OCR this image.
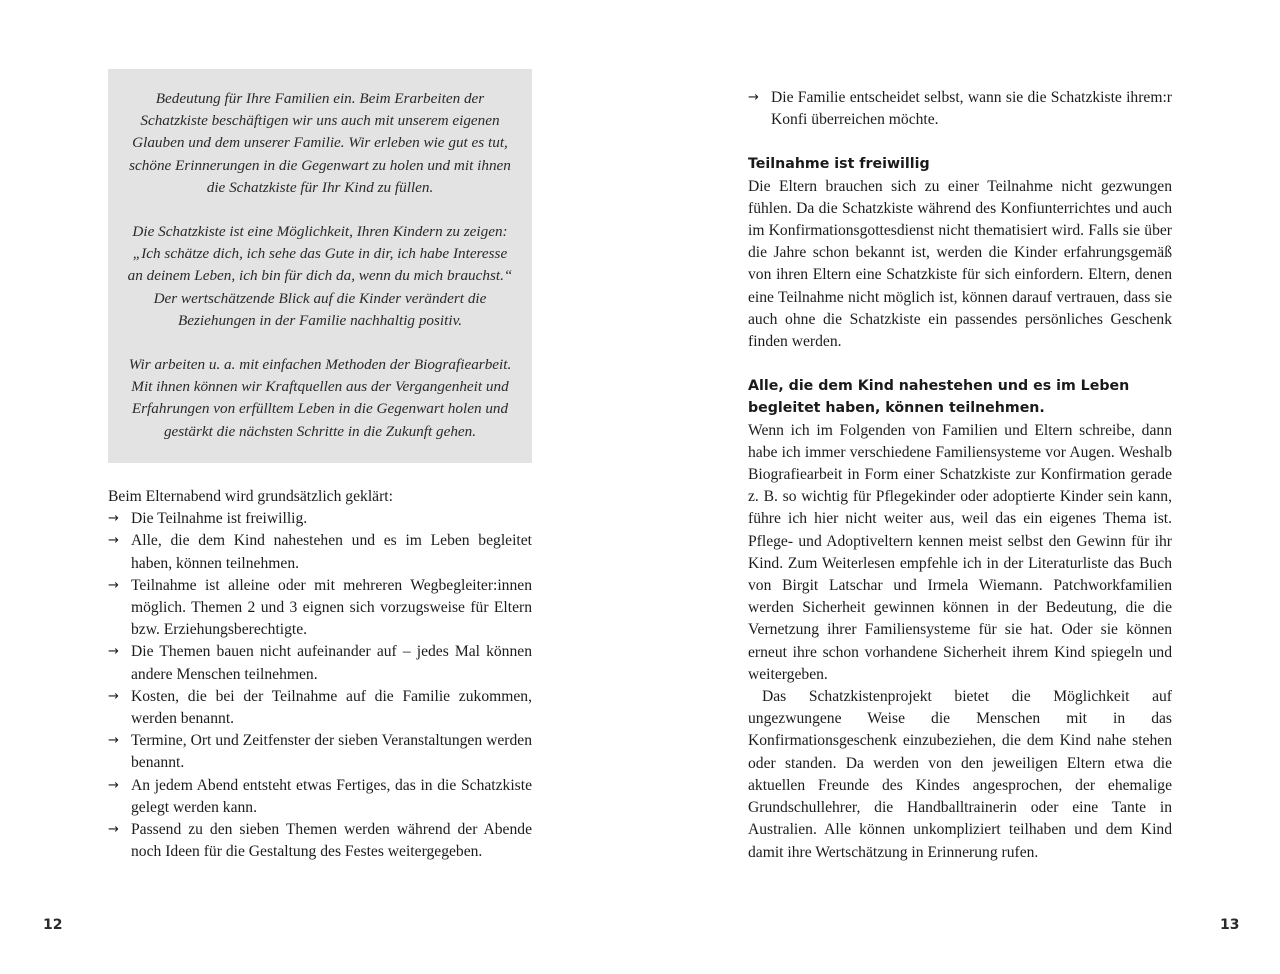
Bedeutung für Ihre Familien ein. Beim Erarbeiten der Schatzkiste beschäftigen wir uns auch mit unserem eigenen Glauben und dem unserer Familie. Wir erleben wie gut es tut, schöne Erinnerungen in die Gegenwart zu holen und mit ihnen die Schatzkiste für Ihr Kind zu füllen.

Die Schatzkiste ist eine Möglichkeit, Ihren Kindern zu zeigen: „Ich schätze dich, ich sehe das Gute in dir, ich habe Interesse an deinem Leben, ich bin für dich da, wenn du mich brauchst.“ Der wertschätzende Blick auf die Kinder verändert die Beziehungen in der Familie nachhaltig positiv.

Wir arbeiten u. a. mit einfachen Methoden der Biografiearbeit. Mit ihnen können wir Kraftquellen aus der Vergangenheit und Erfahrungen von erfülltem Leben in die Gegenwart holen und gestärkt die nächsten Schritte in die Zukunft gehen.

Beim Elternabend wird grundsätzlich geklärt:

→ Die Teilnahme ist freiwillig.
→ Alle, die dem Kind nahestehen und es im Leben begleitet haben, können teilnehmen.
→ Teilnahme ist alleine oder mit mehreren Wegbegleiter:innen möglich. Themen 2 und 3 eignen sich vorzugsweise für Eltern bzw. Erziehungsberechtigte.
→ Die Themen bauen nicht aufeinander auf – jedes Mal können andere Menschen teilnehmen.
→ Kosten, die bei der Teilnahme auf die Familie zukommen, werden benannt.
→ Termine, Ort und Zeitfenster der sieben Veranstaltungen werden benannt.
→ An jedem Abend entsteht etwas Fertiges, das in die Schatzkiste gelegt werden kann.
→ Passend zu den sieben Themen werden während der Abende noch Ideen für die Gestaltung des Festes weitergegeben.
12
→ Die Familie entscheidet selbst, wann sie die Schatzkiste ihrem:r Konfi überreichen möchte.
Teilnahme ist freiwillig

Die Eltern brauchen sich zu einer Teilnahme nicht gezwungen fühlen. Da die Schatzkiste während des Konfiunterrichtes und auch im Konfirmationsgottesdienst nicht thematisiert wird. Falls sie über die Jahre schon bekannt ist, werden die Kinder erfahrungsgemäß von ihren Eltern eine Schatzkiste für sich einfordern. Eltern, denen eine Teilnahme nicht möglich ist, können darauf vertrauen, dass sie auch ohne die Schatzkiste ein passendes persönliches Geschenk finden werden.

Alle, die dem Kind nahestehen und es im Leben begleitet haben, können teilnehmen.

Wenn ich im Folgenden von Familien und Eltern schreibe, dann habe ich immer verschiedene Familiensysteme vor Augen. Weshalb Biografiearbeit in Form einer Schatzkiste zur Konfirmation gerade z. B. so wichtig für Pflegekinder oder adoptierte Kinder sein kann, führe ich hier nicht weiter aus, weil das ein eigenes Thema ist. Pflege- und Adoptiveltern kennen meist selbst den Gewinn für ihr Kind. Zum Weiterlesen empfehle ich in der Literaturliste das Buch von Birgit Latschar und Irmela Wiemann. Patchworkfamilien werden Sicherheit gewinnen können in der Bedeutung, die die Vernetzung ihrer Familiensysteme für sie hat. Oder sie können erneut ihre schon vorhandene Sicherheit ihrem Kind spiegeln und weitergeben.

Das Schatzkistenprojekt bietet die Möglichkeit auf ungezwungene Weise die Menschen mit in das Konfirmationsgeschenk einzubeziehen, die dem Kind nahe stehen oder standen. Da werden von den jeweiligen Eltern etwa die aktuellen Freunde des Kindes angesprochen, der ehemalige Grundschullehrer, die Handballtrainerin oder eine Tante in Australien. Alle können unkompliziert teilhaben und dem Kind damit ihre Wertschätzung in Erinnerung rufen.

13
